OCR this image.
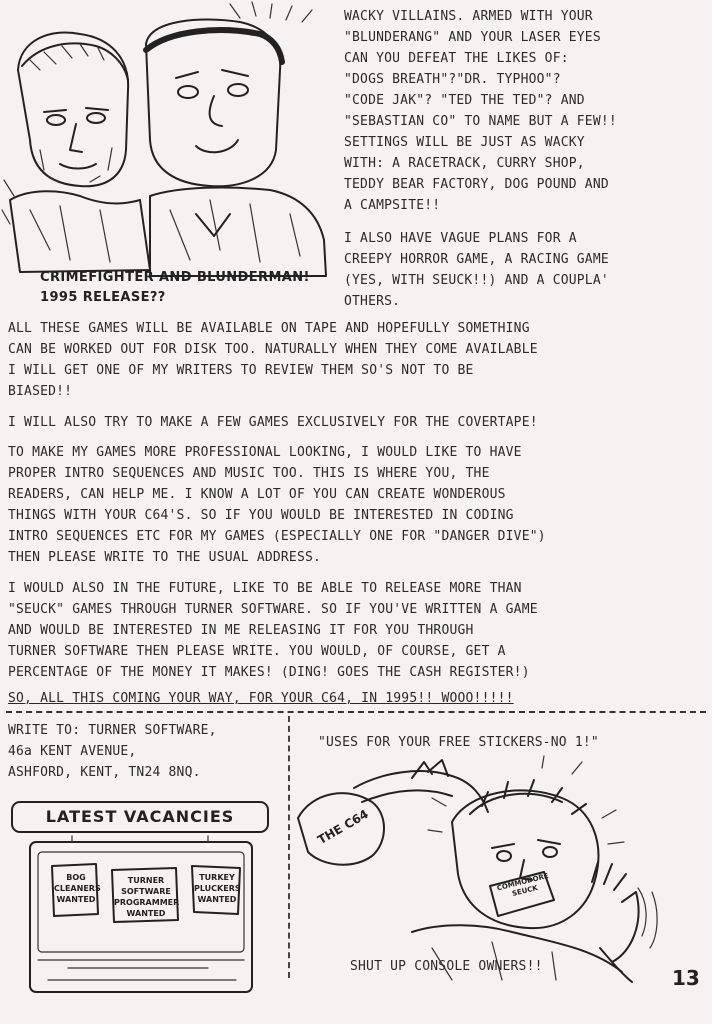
CRIMEFIGHTER AND BLUNDERMAN!
1995 RELEASE??
WACKY VILLAINS. ARMED WITH YOUR
"BLUNDERANG" AND YOUR LASER EYES
CAN YOU DEFEAT THE LIKES OF:
"DOGS BREATH"?"DR. TYPHOO"?
"CODE JAK"? "TED THE TED"? AND
"SEBASTIAN CO" TO NAME BUT A FEW!!
SETTINGS WILL BE JUST AS WACKY
WITH: A RACETRACK, CURRY SHOP,
TEDDY BEAR FACTORY, DOG POUND AND
A CAMPSITE!!
I ALSO HAVE VAGUE PLANS FOR A
CREEPY HORROR GAME, A RACING GAME
(YES, WITH SEUCK!!) AND A COUPLA'
OTHERS.
ALL THESE GAMES WILL BE AVAILABLE ON TAPE AND HOPEFULLY SOMETHING
CAN BE WORKED OUT FOR DISK TOO. NATURALLY WHEN THEY COME AVAILABLE
I WILL GET ONE OF MY WRITERS TO REVIEW THEM SO'S NOT TO BE
BIASED!!
I WILL ALSO TRY TO MAKE A FEW GAMES EXCLUSIVELY FOR THE COVERTAPE!
TO MAKE MY GAMES MORE PROFESSIONAL LOOKING, I WOULD LIKE TO HAVE
PROPER INTRO SEQUENCES AND MUSIC TOO. THIS IS WHERE YOU, THE
READERS, CAN HELP ME. I KNOW A LOT OF YOU CAN CREATE WONDEROUS
THINGS WITH YOUR C64'S. SO IF YOU WOULD BE INTERESTED IN CODING
INTRO SEQUENCES ETC FOR MY GAMES (ESPECIALLY ONE FOR "DANGER DIVE")
THEN PLEASE WRITE TO THE USUAL ADDRESS.
I WOULD ALSO IN THE FUTURE, LIKE TO BE ABLE TO RELEASE MORE THAN
"SEUCK" GAMES THROUGH TURNER SOFTWARE. SO IF YOU'VE WRITTEN A GAME
AND WOULD BE INTERESTED IN ME RELEASING IT FOR YOU THROUGH
TURNER SOFTWARE THEN PLEASE WRITE. YOU WOULD, OF COURSE, GET A
PERCENTAGE OF THE MONEY IT MAKES! (DING! GOES THE CASH REGISTER!)
SO, ALL THIS COMING YOUR WAY, FOR YOUR C64, IN 1995!! WOOO!!!!!
WRITE TO: TURNER SOFTWARE,
46a KENT AVENUE,
ASHFORD, KENT, TN24 8NQ.
LATEST VACANCIES
BOG
CLEANERS
WANTED
TURNER
SOFTWARE
PROGRAMMER
WANTED
TURKEY
PLUCKERS
WANTED
"USES FOR YOUR FREE STICKERS-NO 1!"
THE C64
COMMODORE SEUCK
SHUT UP CONSOLE OWNERS!!	13
